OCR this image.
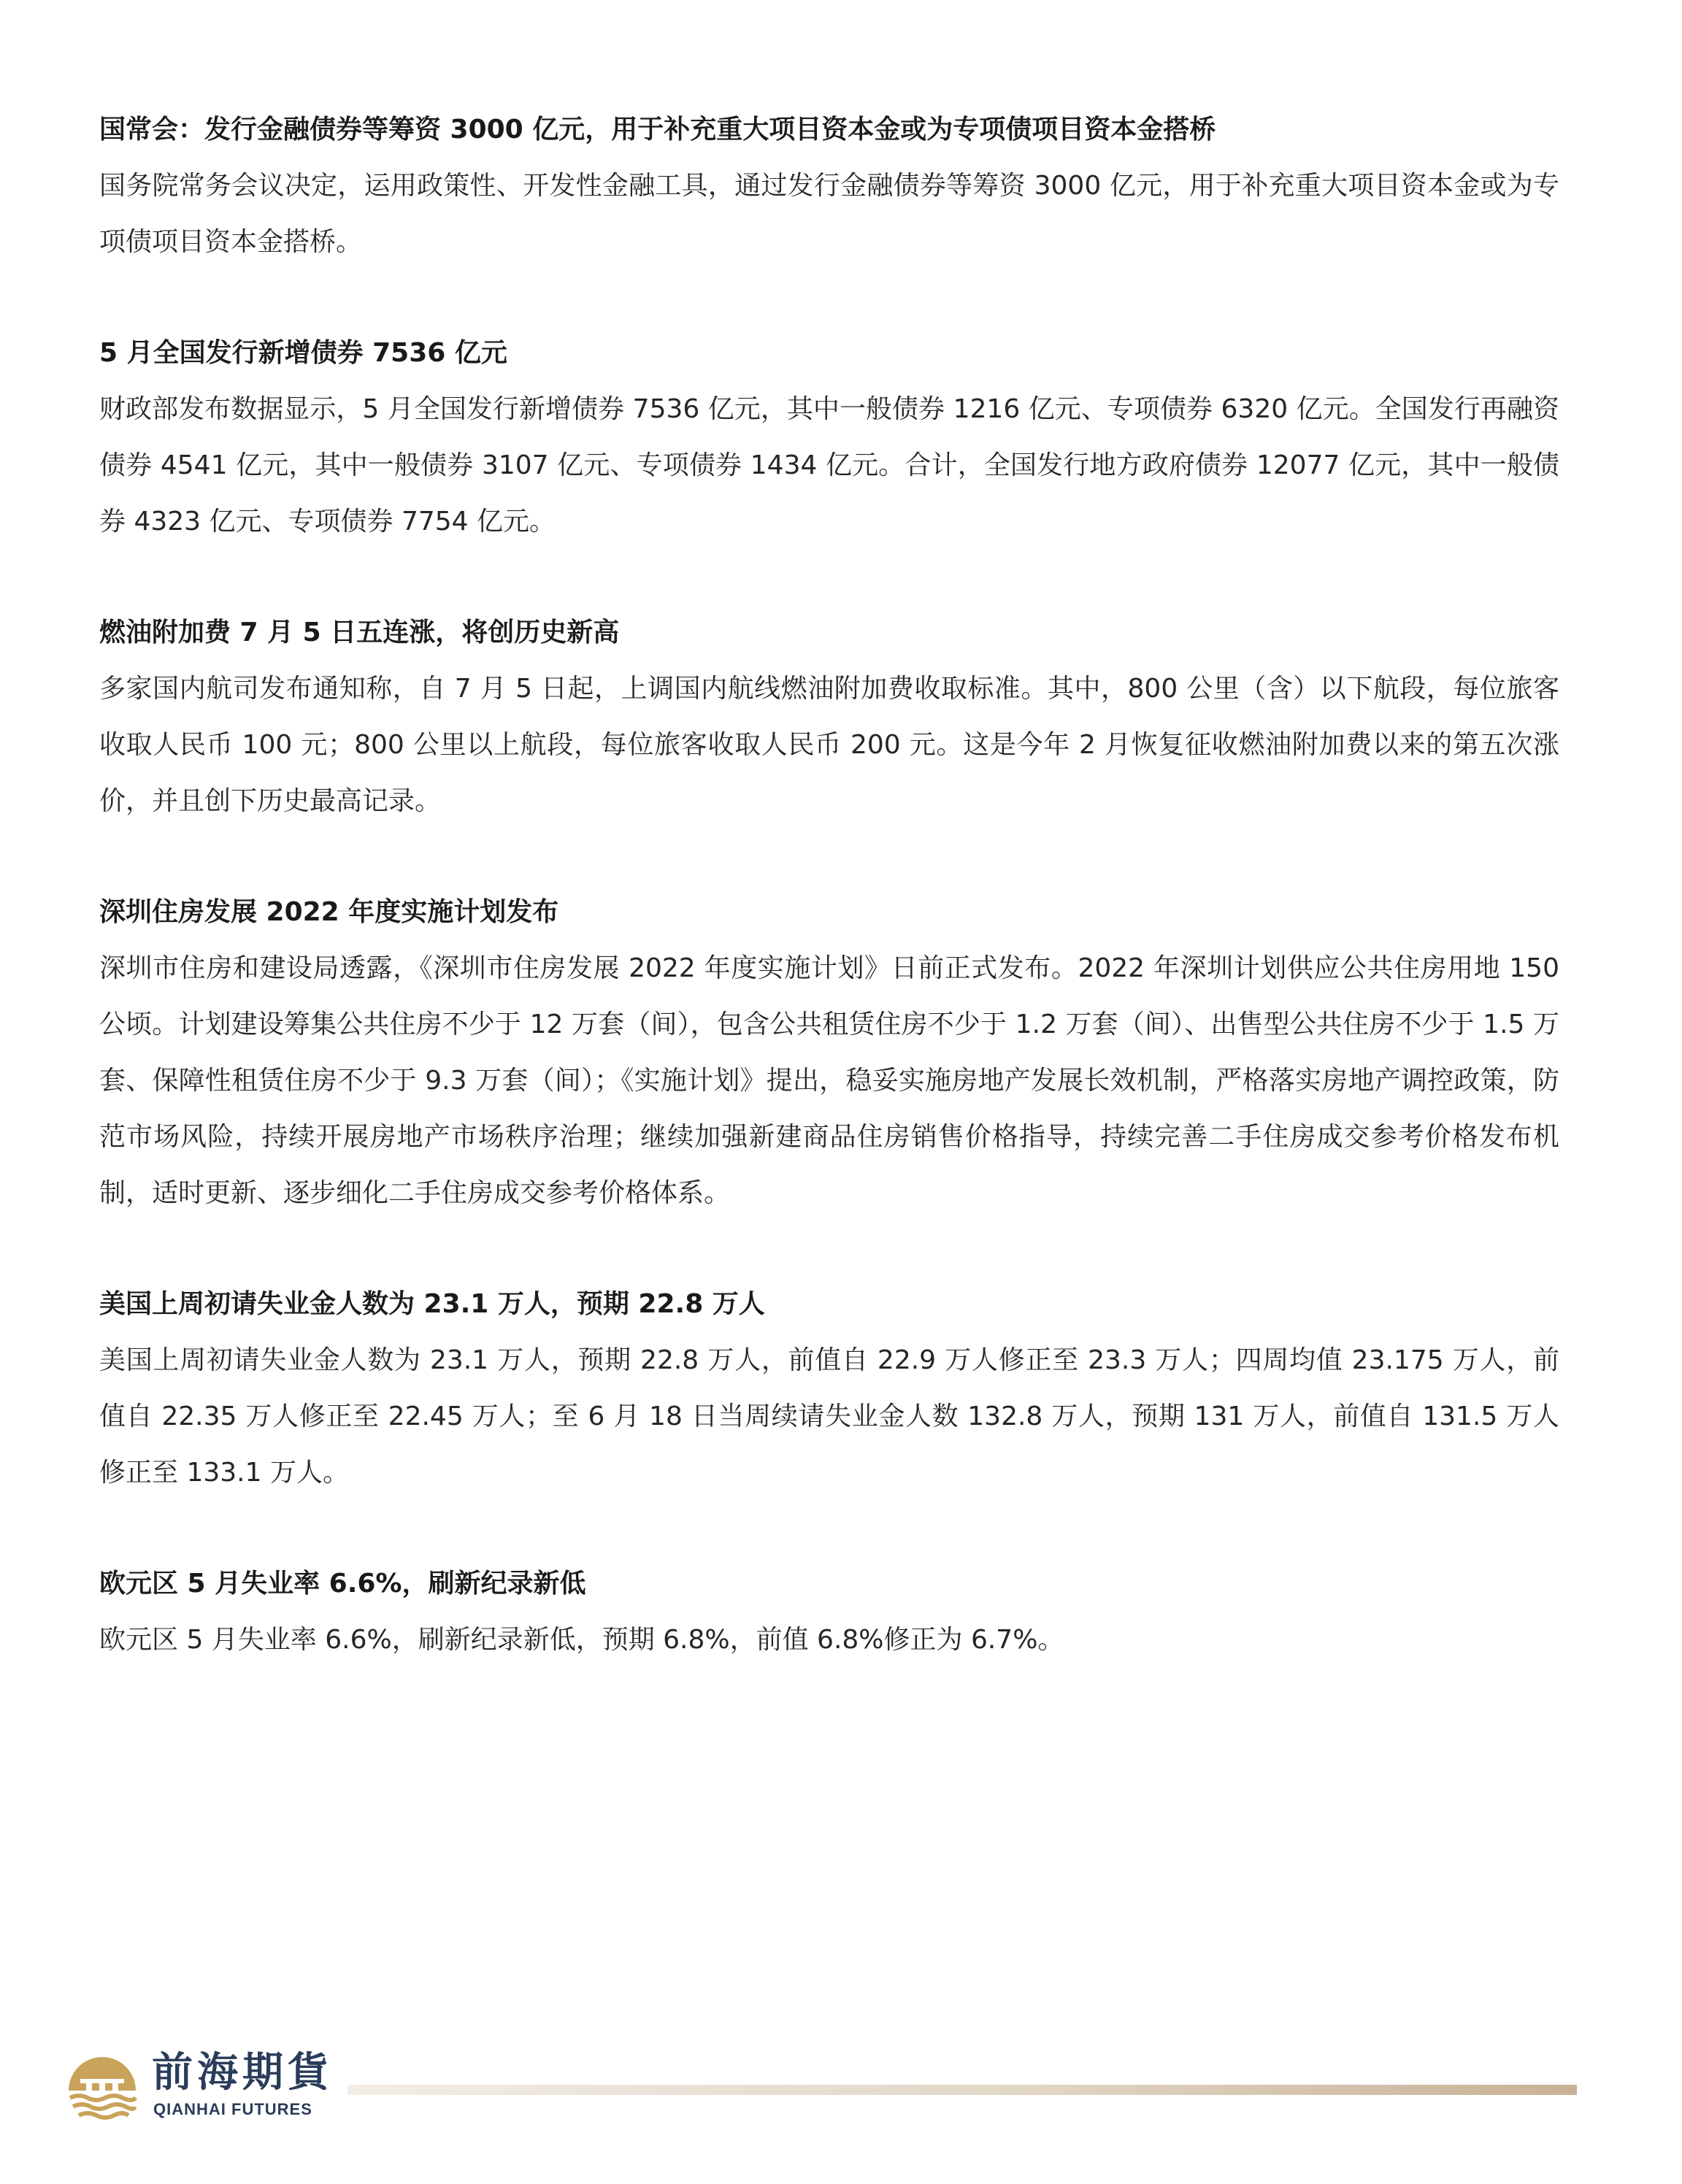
国常会：发行金融债券等筹资 3000 亿元，用于补充重大项目资本金或为专项债项目资本金搭桥

国务院常务会议决定，运用政策性、开发性金融工具，通过发行金融债券等筹资 3000 亿元，用于补充重大项目资本金或为专项债项目资本金搭桥。

5 月全国发行新增债券 7536 亿元

财政部发布数据显示，5 月全国发行新增债券 7536 亿元，其中一般债券 1216 亿元、专项债券 6320 亿元。全国发行再融资债券 4541 亿元，其中一般债券 3107 亿元、专项债券 1434 亿元。合计，全国发行地方政府债券 12077 亿元，其中一般债券 4323 亿元、专项债券 7754 亿元。

燃油附加费 7 月 5 日五连涨，将创历史新高

多家国内航司发布通知称，自 7 月 5 日起，上调国内航线燃油附加费收取标准。其中，800 公里（含）以下航段，每位旅客收取人民币 100 元；800 公里以上航段，每位旅客收取人民币 200 元。这是今年 2 月恢复征收燃油附加费以来的第五次涨价，并且创下历史最高记录。

深圳住房发展 2022 年度实施计划发布

深圳市住房和建设局透露，《深圳市住房发展 2022 年度实施计划》日前正式发布。2022 年深圳计划供应公共住房用地 150 公顷。计划建设筹集公共住房不少于 12 万套（间），包含公共租赁住房不少于 1.2 万套（间）、出售型公共住房不少于 1.5 万套、保障性租赁住房不少于 9.3 万套（间）；《实施计划》提出，稳妥实施房地产发展长效机制，严格落实房地产调控政策，防范市场风险，持续开展房地产市场秩序治理；继续加强新建商品住房销售价格指导，持续完善二手住房成交参考价格发布机制，适时更新、逐步细化二手住房成交参考价格体系。

美国上周初请失业金人数为 23.1 万人，预期 22.8 万人

美国上周初请失业金人数为 23.1 万人，预期 22.8 万人，前值自 22.9 万人修正至 23.3 万人；四周均值 23.175 万人，前值自 22.35 万人修正至 22.45 万人；至 6 月 18 日当周续请失业金人数 132.8 万人，预期 131 万人，前值自 131.5 万人修正至 133.1 万人。

欧元区 5 月失业率 6.6%，刷新纪录新低

欧元区 5 月失业率 6.6%，刷新纪录新低，预期 6.8%，前值 6.8%修正为 6.7%。

前海期貨
QIANHAI FUTURES
